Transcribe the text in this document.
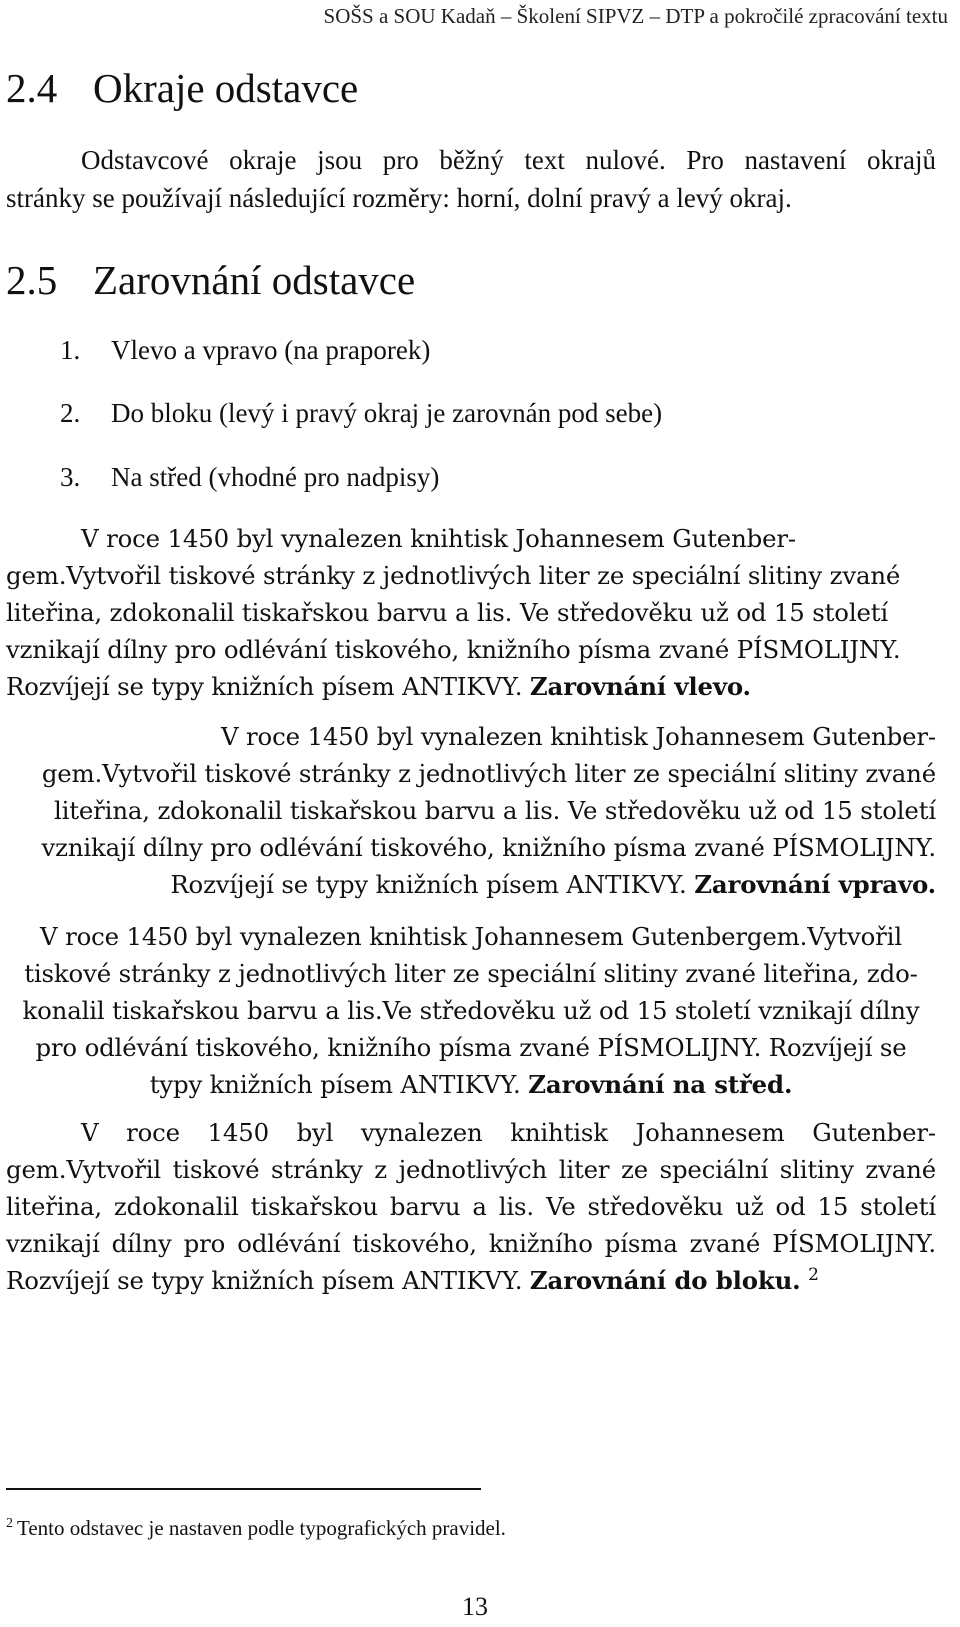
SOŠS a SOU Kadaň – Školení SIPVZ – DTP a pokročilé zpracování textu
2.4 Okraje odstavce
Odstavcové okraje jsou pro běžný text nulové. Pro nastavení okrajů
stránky se používají následující rozměry: horní, dolní pravý a levý okraj.
2.5 Zarovnání odstavce
1. Vlevo a vpravo (na praporek)
2. Do bloku (levý i pravý okraj je zarovnán pod sebe)
3. Na střed (vhodné pro nadpisy)
V roce 1450 byl vynalezen knihtisk Johannesem Gutenber-
gem.Vytvořil tiskové stránky z jednotlivých liter ze speciální slitiny zvané
liteřina, zdokonalil tiskařskou barvu a lis. Ve středověku už od 15 století
vznikají dílny pro odlévání tiskového, knižního písma zvané PÍSMOLIJNY.
Rozvíjejí se typy knižních písem ANTIKVY. Zarovnání vlevo.
V roce 1450 byl vynalezen knihtisk Johannesem Gutenber-
gem.Vytvořil tiskové stránky z jednotlivých liter ze speciální slitiny zvané
liteřina, zdokonalil tiskařskou barvu a lis. Ve středověku už od 15 století
vznikají dílny pro odlévání tiskového, knižního písma zvané PÍSMOLIJNY.
Rozvíjejí se typy knižních písem ANTIKVY. Zarovnání vpravo.
V roce 1450 byl vynalezen knihtisk Johannesem Gutenbergem.Vytvořil
tiskové stránky z jednotlivých liter ze speciální slitiny zvané liteřina, zdo-
konalil tiskařskou barvu a lis.Ve středověku už od 15 století vznikají dílny
pro odlévání tiskového, knižního písma zvané PÍSMOLIJNY. Rozvíjejí se
typy knižních písem ANTIKVY. Zarovnání na střed.
V roce 1450 byl vynalezen knihtisk Johannesem Gutenber-
gem.Vytvořil tiskové stránky z jednotlivých liter ze speciální slitiny zvané
liteřina, zdokonalil tiskařskou barvu a lis. Ve středověku už od 15 století
vznikají dílny pro odlévání tiskového, knižního písma zvané PÍSMOLIJNY.
Rozvíjejí se typy knižních písem ANTIKVY. Zarovnání do bloku. $^2$
$^2$ Tento odstavec je nastaven podle typografických pravidel.
13
